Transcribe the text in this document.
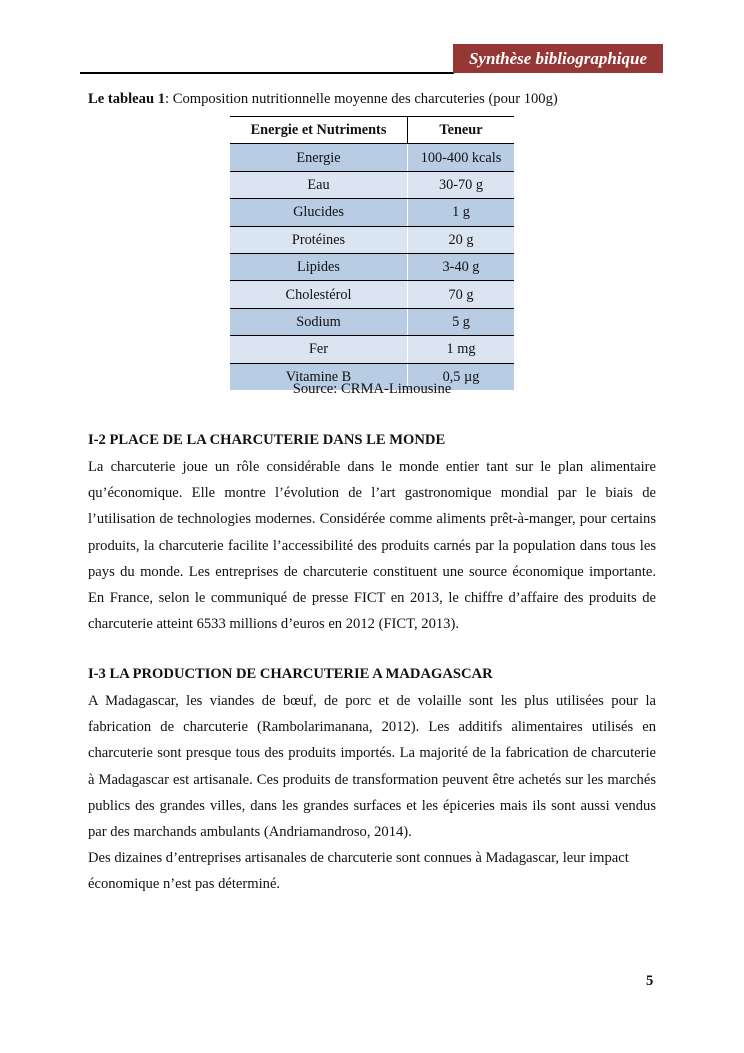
Synthèse bibliographique
Le tableau 1: Composition nutritionnelle moyenne des charcuteries (pour 100g)
Energie et Nutriments	Teneur
Energie	100-400 kcals
Eau	30-70 g
Glucides	1 g
Protéines	20 g
Lipides	3-40 g
Cholestérol	70 g
Sodium	5 g
Fer	1 mg
Vitamine B	0,5 µg
Source: CRMA-Limousine
I-2 PLACE DE LA CHARCUTERIE DANS LE MONDE
La charcuterie joue un rôle considérable dans le monde entier tant sur le plan alimentaire qu’économique. Elle montre l’évolution de l’art gastronomique mondial par le biais de l’utilisation de technologies modernes. Considérée comme aliments prêt-à-manger, pour certains produits, la charcuterie facilite l’accessibilité des produits carnés par la population dans tous les pays du monde. Les entreprises de charcuterie constituent une source économique importante. En France, selon le communiqué de presse FICT en 2013, le chiffre d’affaire des produits de charcuterie atteint 6533 millions d’euros en 2012 (FICT, 2013).
I-3 LA PRODUCTION DE CHARCUTERIE A MADAGASCAR
A Madagascar, les viandes de bœuf, de porc et de volaille sont les plus utilisées pour la fabrication de charcuterie (Rambolarimanana, 2012). Les additifs alimentaires utilisés en charcuterie sont presque tous des produits importés. La majorité de la fabrication de charcuterie à Madagascar est artisanale. Ces produits de transformation peuvent être achetés sur les marchés publics des grandes villes, dans les grandes surfaces et les épiceries mais ils sont aussi vendus par des marchands ambulants (Andriamandroso, 2014).
Des dizaines d’entreprises artisanales de charcuterie sont connues à Madagascar, leur impact économique n’est pas déterminé.
5
